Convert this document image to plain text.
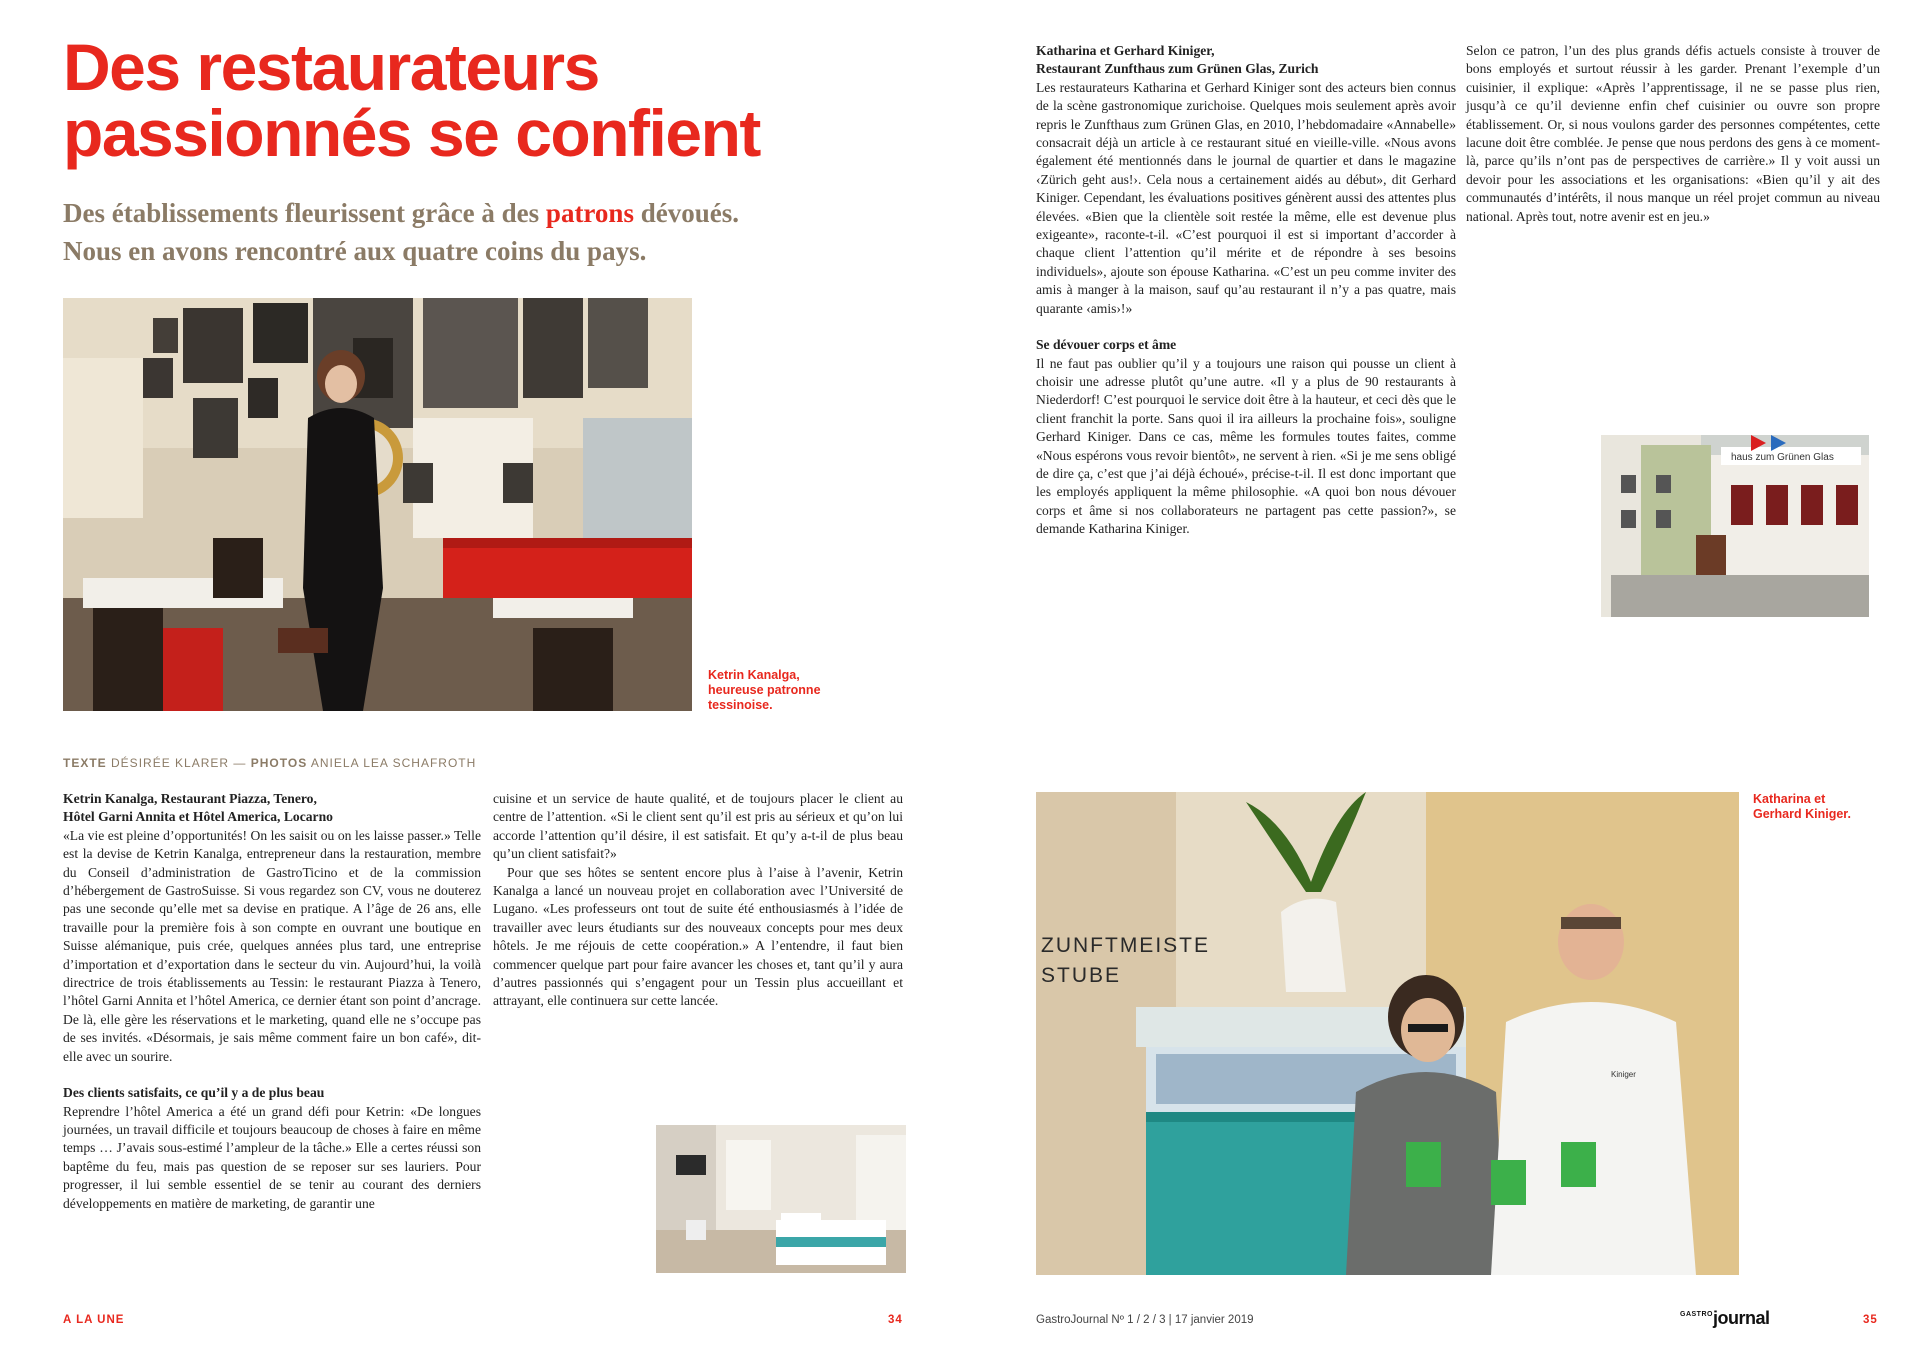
Des restaurateurs
passionnés se confient
Des établissements fleurissent grâce à des patrons dévoués.
Nous en avons rencontré aux quatre coins du pays.
Ketrin Kanalga,
heureuse patronne
tessinoise.
TEXTE DÉSIRÉE KLARER — PHOTOS ANIELA LEA SCHAFROTH
Ketrin Kanalga, Restaurant Piazza, Tenero,
Hôtel Garni Annita et Hôtel America, Locarno

«La vie est pleine d’opportunités! On les saisit ou on les laisse passer.» Telle est la devise de Ketrin Kanalga, entrepreneur dans la restauration, membre du Conseil d’administration de GastroTicino et de la commission d’hébergement de GastroSuisse. Si vous regardez son CV, vous ne douterez pas une seconde qu’elle met sa devise en pratique. A l’âge de 26 ans, elle travaille pour la première fois à son compte en ouvrant une boutique en Suisse alémanique, puis crée, quelques années plus tard, une entreprise d’importation et d’exportation dans le secteur du vin. Aujourd’hui, la voilà directrice de trois établissements au Tessin: le restaurant Piazza à Tenero, l’hôtel Garni Annita et l’hôtel America, ce dernier étant son point d’ancrage. De là, elle gère les réservations et le marketing, quand elle ne s’occupe pas de ses invités. «Désormais, je sais même comment faire un bon café», dit-elle avec un sourire.

Des clients satisfaits, ce qu’il y a de plus beau

Reprendre l’hôtel America a été un grand défi pour Ketrin: «De longues journées, un travail difficile et toujours beaucoup de choses à faire en même temps … J’avais sous-estimé l’ampleur de la tâche.» Elle a certes réussi son baptême du feu, mais pas question de se reposer sur ses lauriers. Pour progresser, il lui semble essentiel de se tenir au courant des derniers développements en matière de marketing, de garantir une

cuisine et un service de haute qualité, et de toujours placer le client au centre de l’attention. «Si le client sent qu’il est pris au sérieux et qu’on lui accorde l’attention qu’il désire, il est satisfait. Et qu’y a-t-il de plus beau qu’un client satisfait?»

Pour que ses hôtes se sentent encore plus à l’aise à l’avenir, Ketrin Kanalga a lancé un nouveau projet en collaboration avec l’Université de Lugano. «Les professeurs ont tout de suite été enthousiasmés à l’idée de travailler avec leurs étudiants sur des nouveaux concepts pour mes deux hôtels. Je me réjouis de cette coopération.» A l’entendre, il faut bien commencer quelque part pour faire avancer les choses et, tant qu’il y aura d’autres passionnés qui s’engagent pour un Tessin plus accueillant et attrayant, elle continuera sur cette lancée.

A LA UNE	34
Katharina et Gerhard Kiniger,
Restaurant Zunfthaus zum Grünen Glas, Zurich

Les restaurateurs Katharina et Gerhard Kiniger sont des acteurs bien connus de la scène gastronomique zurichoise. Quelques mois seulement après avoir repris le Zunfthaus zum Grünen Glas, en 2010, l’hebdomadaire «Annabelle» consacrait déjà un article à ce restaurant situé en vieille-ville. «Nous avons également été mentionnés dans le journal de quartier et dans le magazine ‹Zürich geht aus!›. Cela nous a certainement aidés au début», dit Gerhard Kiniger. Cependant, les évaluations positives génèrent aussi des attentes plus élevées. «Bien que la clientèle soit restée la même, elle est devenue plus exigeante», raconte-t-il. «C’est pourquoi il est si important d’accorder à chaque client l’attention qu’il mérite et de répondre à ses besoins individuels», ajoute son épouse Katharina. «C’est un peu comme inviter des amis à manger à la maison, sauf qu’au restaurant il n’y a pas quatre, mais quarante ‹amis›!»

Se dévouer corps et âme

Il ne faut pas oublier qu’il y a toujours une raison qui pousse un client à choisir une adresse plutôt qu’une autre. «Il y a plus de 90 restaurants à Niederdorf! C’est pourquoi le service doit être à la hauteur, et ceci dès que le client franchit la porte. Sans quoi il ira ailleurs la prochaine fois», souligne Gerhard Kiniger. Dans ce cas, même les formules toutes faites, comme «Nous espérons vous revoir bientôt», ne servent à rien. «Si je me sens obligé de dire ça, c’est que j’ai déjà échoué», précise-t-il. Il est donc important que les employés appliquent la même philosophie. «A quoi bon nous dévouer corps et âme si nos collaborateurs ne partagent pas cette passion?», se demande Katharina Kiniger.

Selon ce patron, l’un des plus grands défis actuels consiste à trouver de bons employés et surtout réussir à les garder. Prenant l’exemple d’un cuisinier, il explique: «Après l’apprentissage, il ne se passe plus rien, jusqu’à ce qu’il devienne enfin chef cuisinier ou ouvre son propre établissement. Or, si nous voulons garder des personnes compétentes, cette lacune doit être comblée. Je pense que nous perdons des gens à ce moment-là, parce qu’ils n’ont pas de perspectives de carrière.» Il y voit aussi un devoir pour les associations et les organisations: «Bien qu’il y ait des communautés d’intérêts, il nous manque un réel projet commun au niveau national. Après tout, notre avenir est en jeu.»

haus zum Grünen Glas
ZUNFTMEISTE
STUBE
Kiniger
Katharina et
Gerhard Kiniger.
GastroJournal Nº 1 / 2 / 3 | 17 janvier 2019	$^{GASTRO}$journal	35
